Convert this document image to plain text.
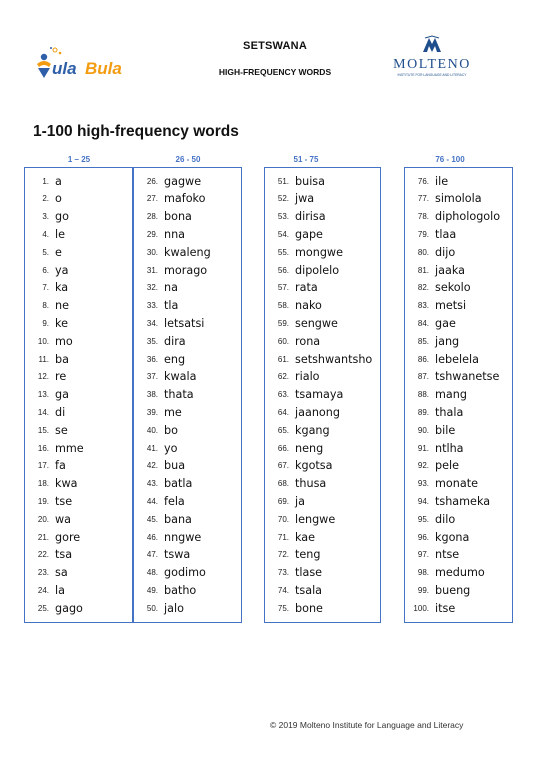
ula Bula
SETSWANA
HIGH-FREQUENCY WORDS	MOLTENO
INSTITUTE FOR LANGUAGE AND LITERACY
1-100 high-frequency words
1 – 25	26 - 50	51 - 75	76 - 100
1. a
2. o
3. go
4. le
5. e
6. ya
7. ka
8. ne
9. ke
10. mo
11. ba
12. re
13. ga
14. di
15. se
16. mme
17. fa
18. kwa
19. tse
20. wa
21. gore
22. tsa
23. sa
24. la
25. gago
26. gagwe
27. mafoko
28. bona
29. nna
30. kwaleng
31. morago
32. na
33. tla
34. letsatsi
35. dira
36. eng
37. kwala
38. thata
39. me
40. bo
41. yo
42. bua
43. batla
44. fela
45. bana
46. nngwe
47. tswa
48. godimo
49. batho
50. jalo
51. buisa
52. jwa
53. dirisa
54. gape
55. mongwe
56. dipolelo
57. rata
58. nako
59. sengwe
60. rona
61. setshwantsho
62. rialo
63. tsamaya
64. jaanong
65. kgang
66. neng
67. kgotsa
68. thusa
69. ja
70. lengwe
71. kae
72. teng
73. tlase
74. tsala
75. bone
76. ile
77. simolola
78. diphologolo
79. tlaa
80. dijo
81. jaaka
82. sekolo
83. metsi
84. gae
85. jang
86. lebelela
87. tshwanetse
88. mang
89. thala
90. bile
91. ntlha
92. pele
93. monate
94. tshameka
95. dilo
96. kgona
97. ntse
98. medumo
99. bueng
100. itse
© 2019 Molteno Institute for Language and Literacy
